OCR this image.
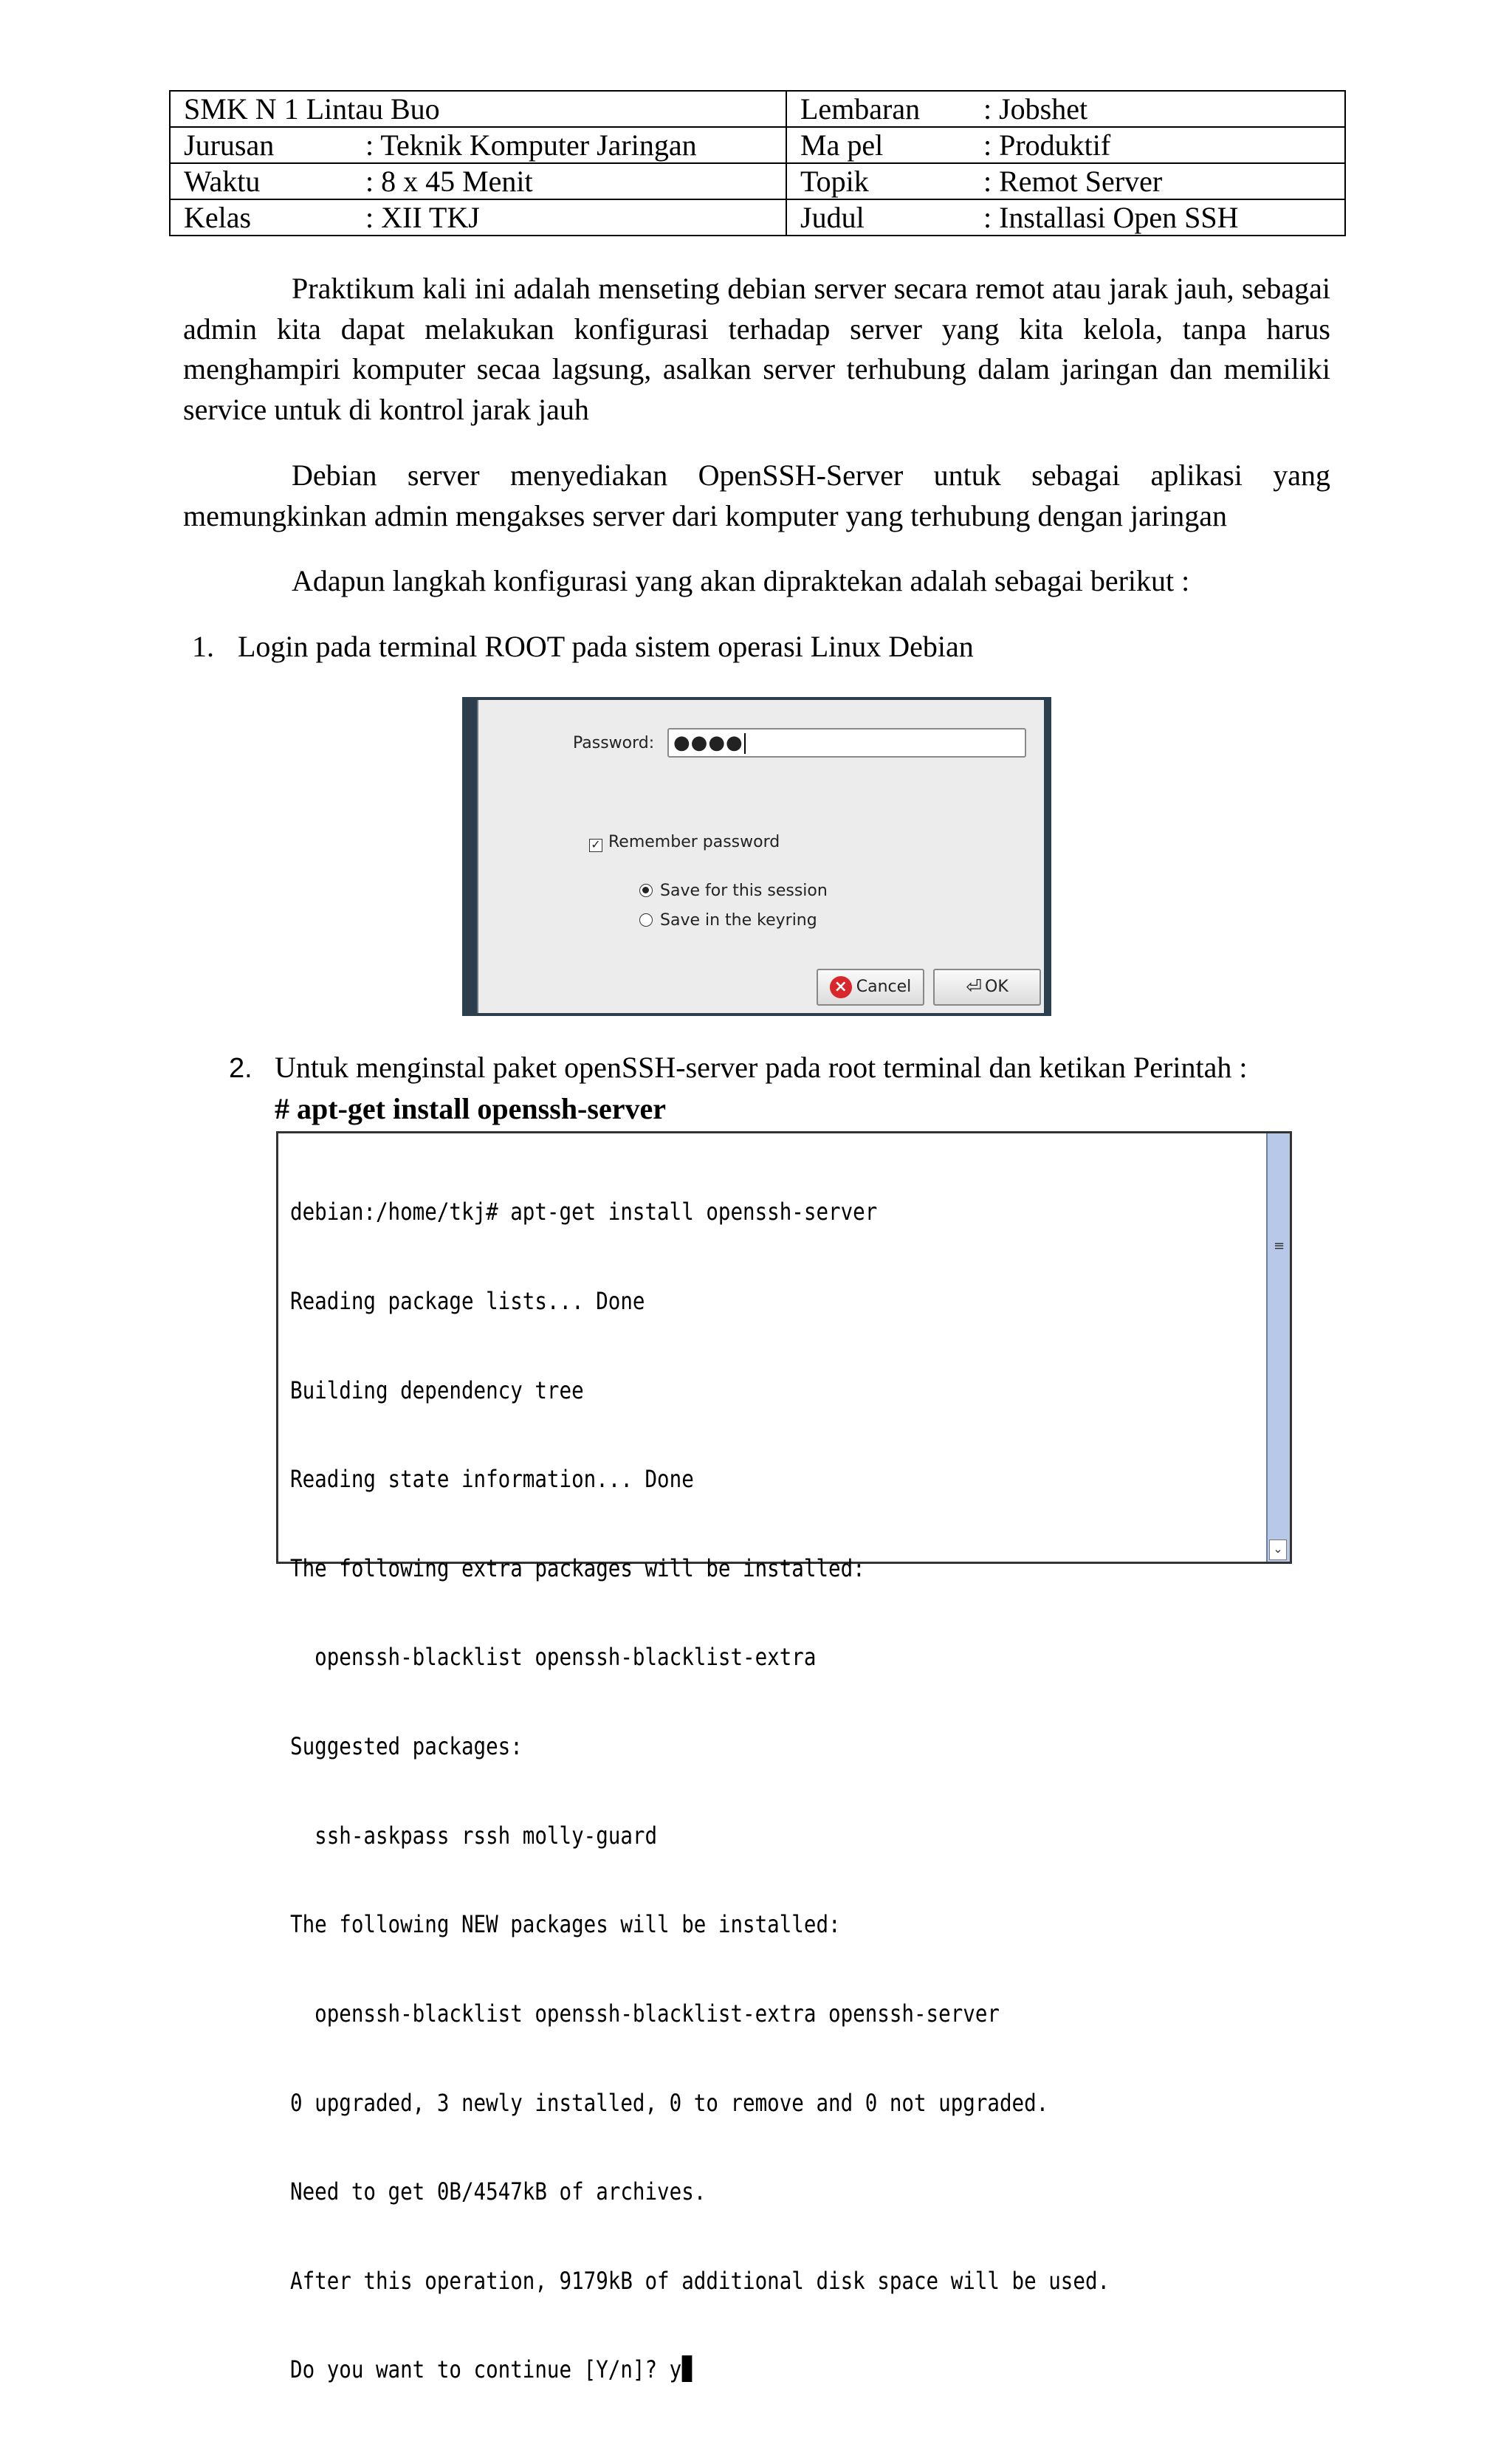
SMK N 1 Lintau Buo	Lembaran : Jobshet
Jurusan : Teknik Komputer Jaringan	Ma pel : Produktif
Waktu : 8 x 45 Menit	Topik : Remot Server
Kelas : XII TKJ	Judul : Installasi Open SSH

Praktikum kali ini adalah menseting debian server secara remot atau jarak jauh, sebagai admin kita dapat melakukan konfigurasi terhadap server yang kita kelola, tanpa harus menghampiri komputer secaa lagsung, asalkan server terhubung dalam jaringan dan memiliki service untuk di kontrol jarak jauh

Debian server menyediakan OpenSSH-Server untuk sebagai aplikasi yang memungkinkan admin mengakses server dari komputer yang terhubung dengan jaringan

Adapun langkah konfigurasi yang akan dipraktekan adalah sebagai berikut :

1. Login pada terminal ROOT pada sistem operasi Linux Debian
Password: ●●●●
✓ Remember password
Save for this session
Save in the keyring
× Cancel	⏎ OK
2. Untuk menginstal paket openSSH-server pada root terminal dan ketikan Perintah :
# apt-get install openssh-server

debian:/home/tkj# apt-get install openssh-server

Reading package lists... Done

Building dependency tree

Reading state information... Done

The following extra packages will be installed:

openssh-blacklist openssh-blacklist-extra

Suggested packages:

ssh-askpass rssh molly-guard

The following NEW packages will be installed:

openssh-blacklist openssh-blacklist-extra openssh-server

0 upgraded, 3 newly installed, 0 to remove and 0 not upgraded.

Need to get 0B/4547kB of archives.

After this operation, 9179kB of additional disk space will be used.

Do you want to continue [Y/n]? y

≡
⌄
